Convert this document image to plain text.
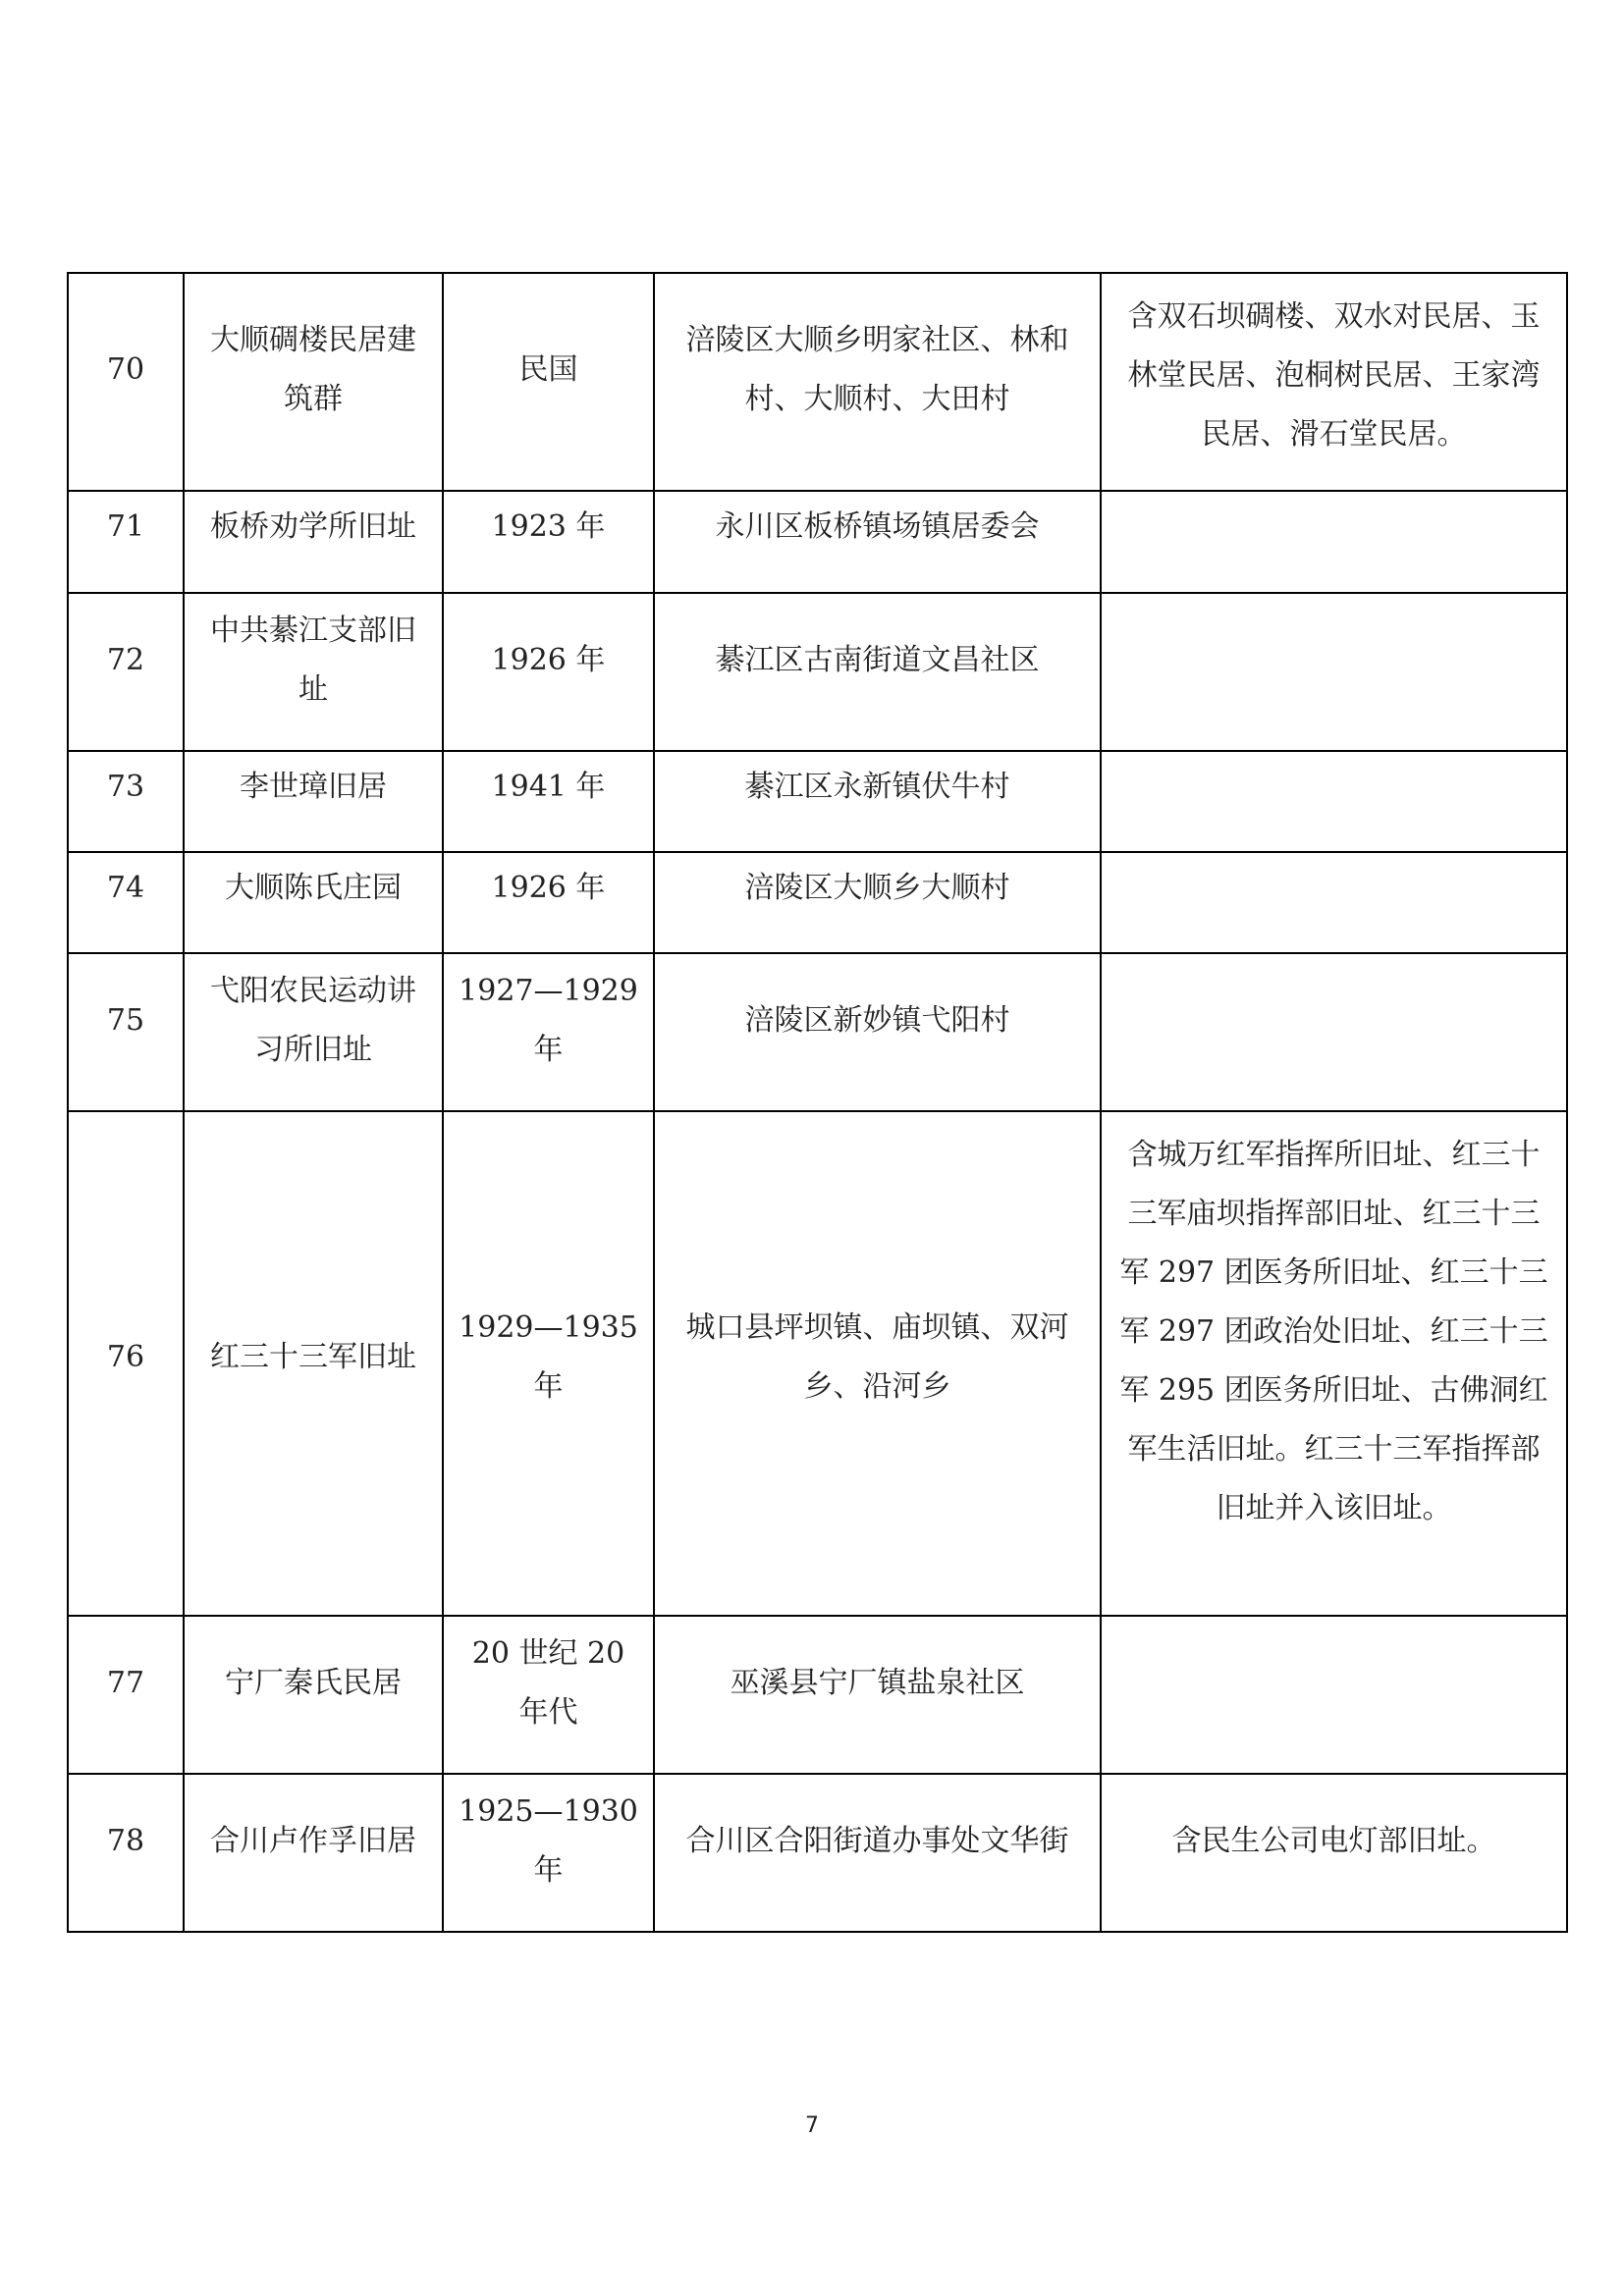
70	大顺碉楼民居建筑群	民国	涪陵区大顺乡明家社区、林和村、大顺村、大田村	含双石坝碉楼、双水对民居、玉林堂民居、泡桐树民居、王家湾民居、滑石堂民居。

71	板桥劝学所旧址	1923 年	永川区板桥镇场镇居委会	

72	中共綦江支部旧址	1926 年	綦江区古南街道文昌社区	

73	李世璋旧居	1941 年	綦江区永新镇伏牛村	

74	大顺陈氏庄园	1926 年	涪陵区大顺乡大顺村	

75	弋阳农民运动讲习所旧址	1927—1929 年	涪陵区新妙镇弋阳村	

76	红三十三军旧址	1929—1935 年	城口县坪坝镇、庙坝镇、双河乡、沿河乡	含城万红军指挥所旧址、红三十三军庙坝指挥部旧址、红三十三军 297 团医务所旧址、红三十三军 297 团政治处旧址、红三十三军 295 团医务所旧址、古佛洞红军生活旧址。红三十三军指挥部旧址并入该旧址。

77	宁厂秦氏民居	20 世纪 20 年代	巫溪县宁厂镇盐泉社区	

78	合川卢作孚旧居	1925—1930 年	合川区合阳街道办事处文华街	含民生公司电灯部旧址。
7
